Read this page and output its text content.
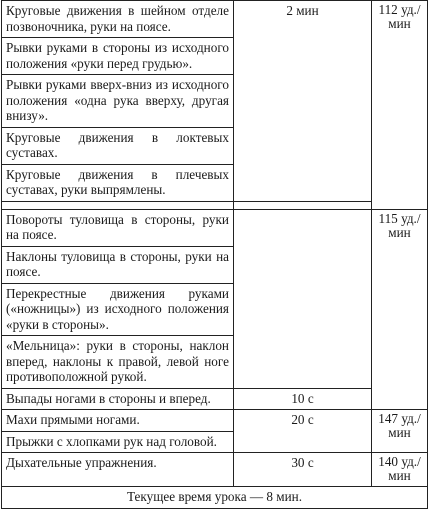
Круговые движения в шейном отделе позвоночника, руки на поясе.	2 мин	112 уд./мин
Рывки руками в стороны из исходного положения «руки перед грудью».		
Рывки руками вверх-вниз из исходного положения «одна рука вверху, другая внизу».		
Круговые движения в локтевых суставах.		
Круговые движения в плечевых суставах, руки выпрямлены.		

Повороты туловища в стороны, руки на поясе.		115 уд./мин
Наклоны туловища в стороны, руки на поясе.		
Перекрестные движения руками («ножницы») из исходного положения «руки в стороны».		
«Мельница»: руки в стороны, наклон вперед, наклоны к правой, левой ноге противоположной рукой.		
Выпады ногами в стороны и вперед.	10 с	
Махи прямыми ногами.	20 с	147 уд./мин
Прыжки с хлопками рук над головой.		
Дыхательные упражнения.	30 с	140 уд./мин
Текущее время урока — 8 мин.		
